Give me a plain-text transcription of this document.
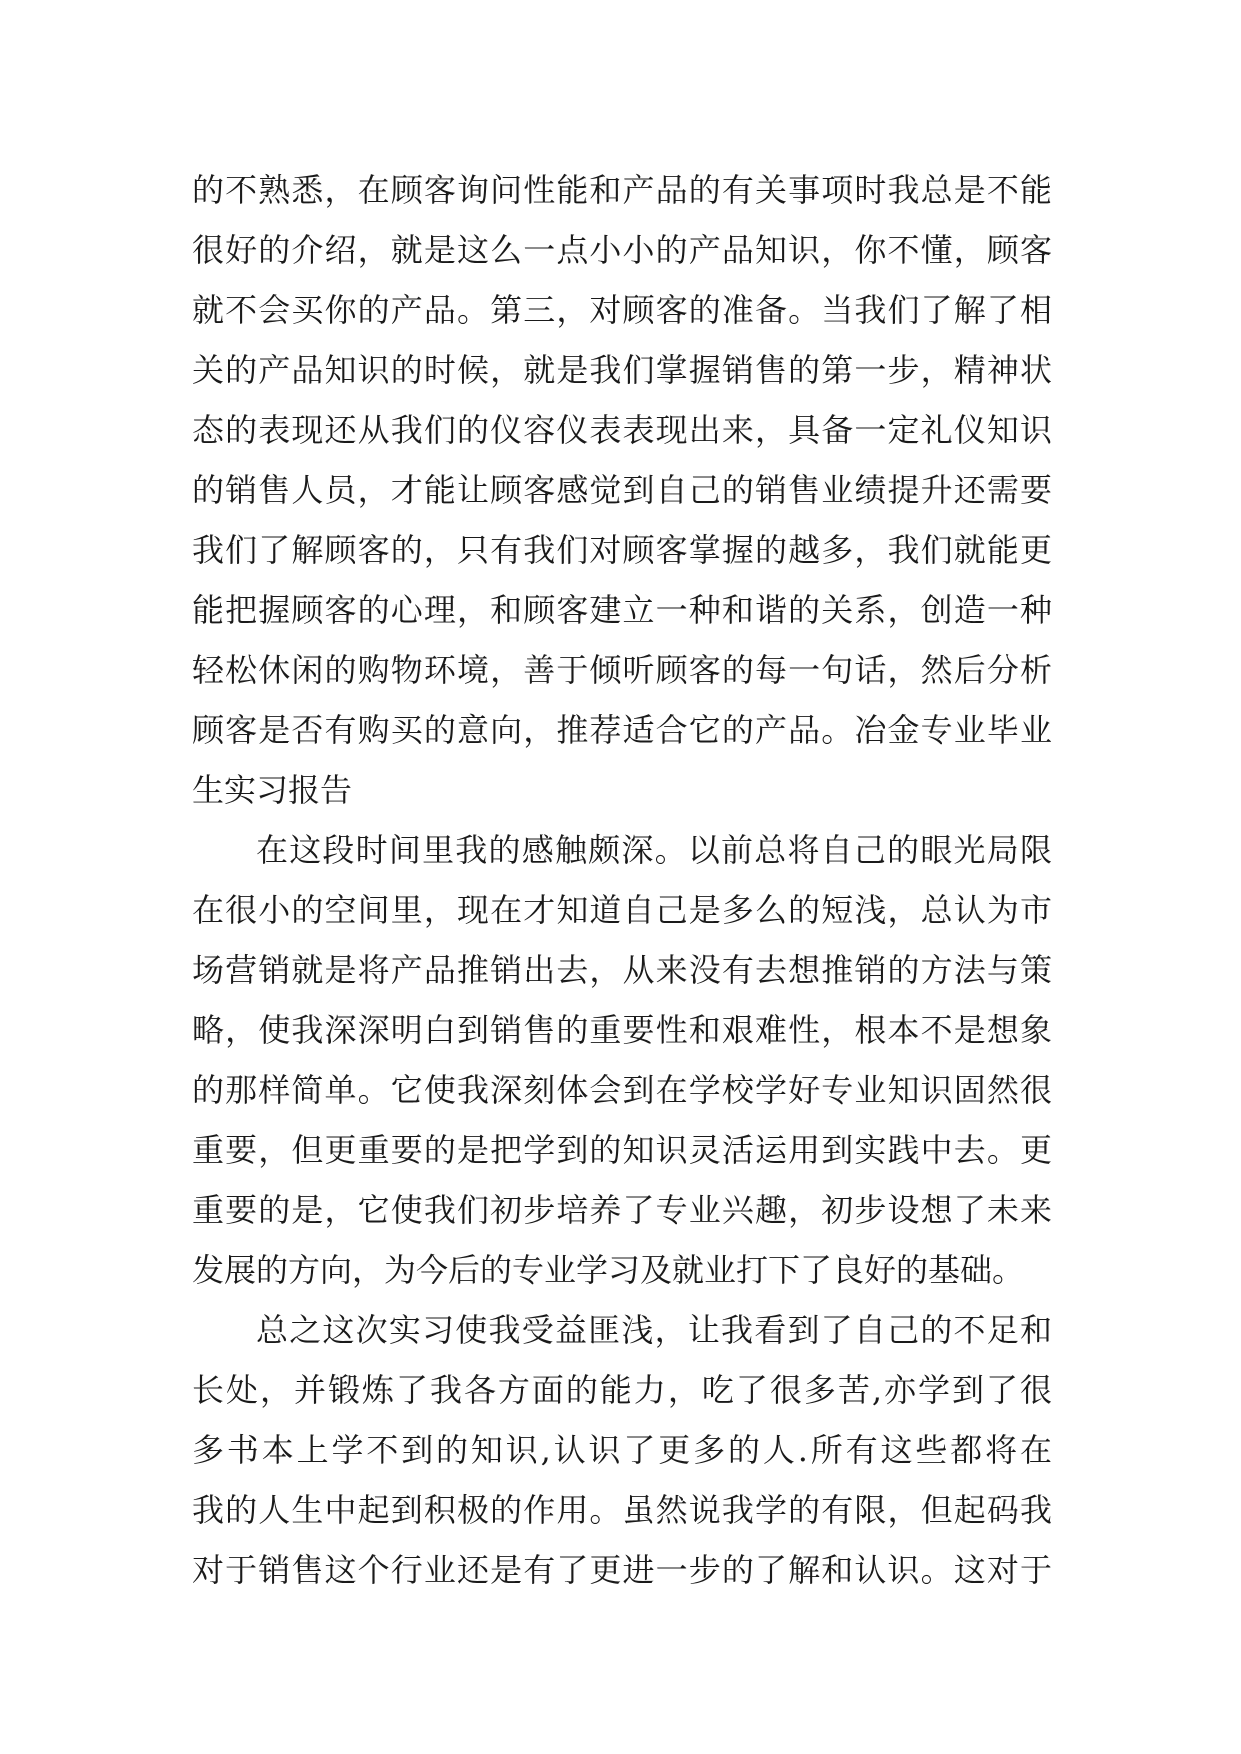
的不熟悉，在顾客询问性能和产品的有关事项时我总是不能
很好的介绍，就是这么一点小小的产品知识，你不懂，顾客
就不会买你的产品。第三，对顾客的准备。当我们了解了相
关的产品知识的时候，就是我们掌握销售的第一步，精神状
态的表现还从我们的仪容仪表表现出来，具备一定礼仪知识
的销售人员，才能让顾客感觉到自己的销售业绩提升还需要
我们了解顾客的，只有我们对顾客掌握的越多，我们就能更
能把握顾客的心理，和顾客建立一种和谐的关系，创造一种
轻松休闲的购物环境，善于倾听顾客的每一句话，然后分析
顾客是否有购买的意向，推荐适合它的产品。冶金专业毕业
生实习报告
在这段时间里我的感触颇深。以前总将自己的眼光局限
在很小的空间里，现在才知道自己是多么的短浅，总认为市
场营销就是将产品推销出去，从来没有去想推销的方法与策
略，使我深深明白到销售的重要性和艰难性，根本不是想象
的那样简单。它使我深刻体会到在学校学好专业知识固然很
重要，但更重要的是把学到的知识灵活运用到实践中去。更
重要的是，它使我们初步培养了专业兴趣，初步设想了未来
发展的方向，为今后的专业学习及就业打下了良好的基础。
总之这次实习使我受益匪浅，让我看到了自己的不足和
长处，并锻炼了我各方面的能力，吃了很多苦,亦学到了很
多书本上学不到的知识,认识了更多的人.所有这些都将在
我的人生中起到积极的作用。虽然说我学的有限，但起码我
对于销售这个行业还是有了更进一步的了解和认识。这对于
